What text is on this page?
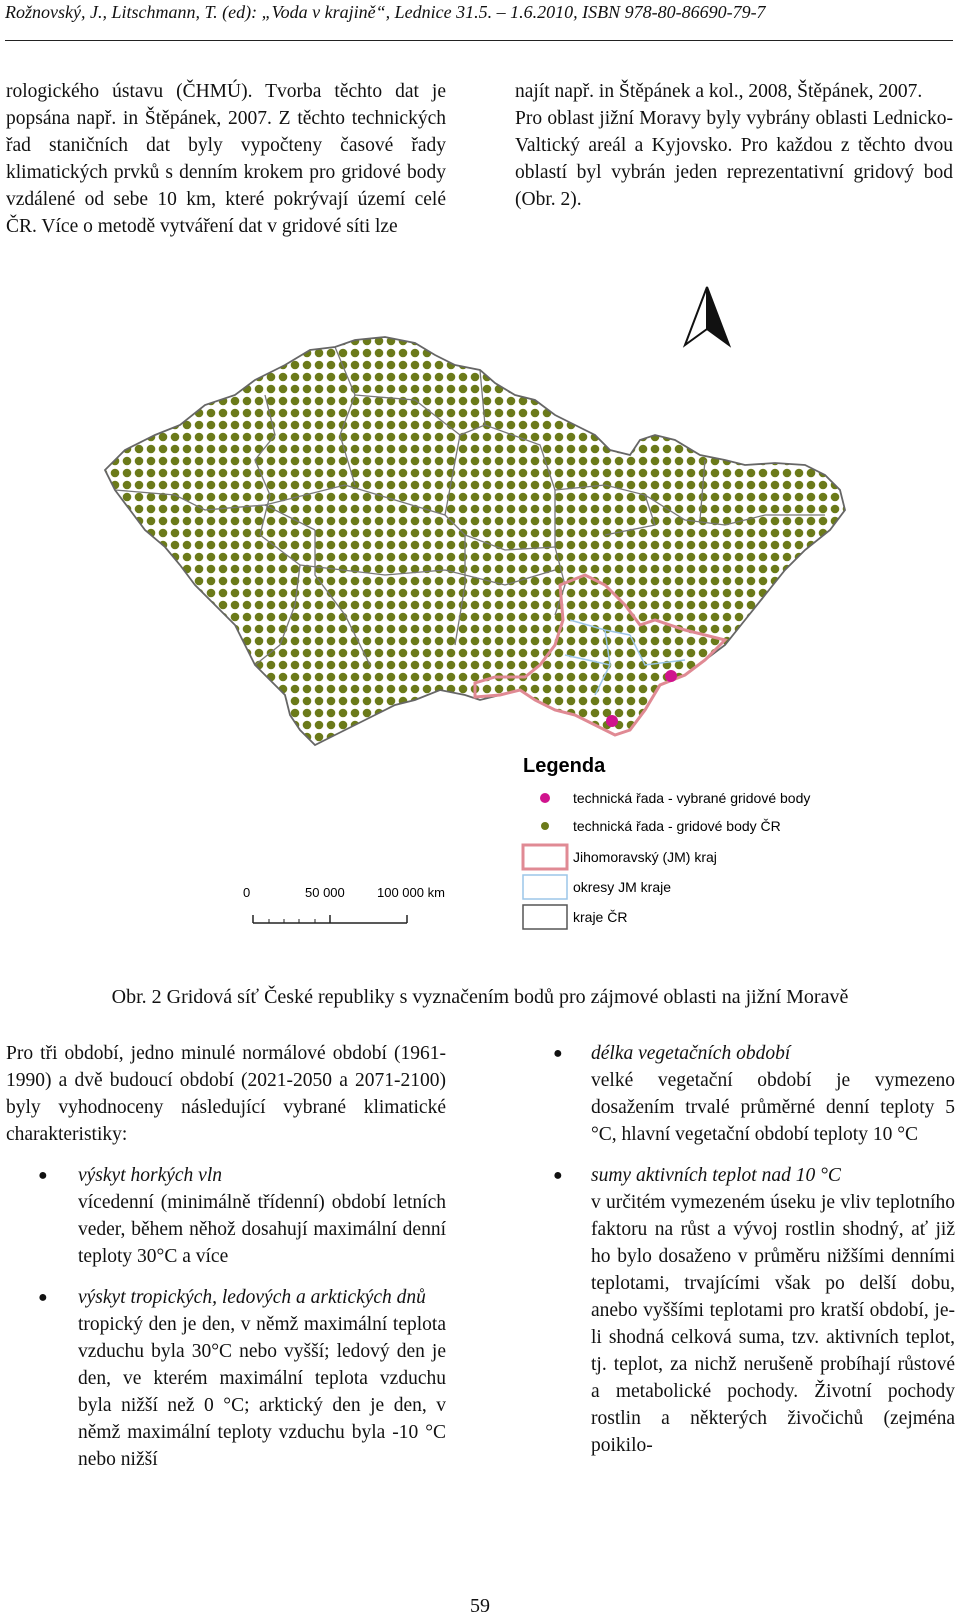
Rožnovský, J., Litschmann, T. (ed): „Voda v krajině“, Lednice 31.5. – 1.6.2010, ISBN 978-80-86690-79-7

rologického ústavu (ČHMÚ). Tvorba těchto dat je popsána např. in Štěpánek, 2007. Z těchto technických řad staničních dat byly vypočteny časové řady klimatických prvků s denním krokem pro gridové body vzdálené od sebe 10 km, které pokrývají území celé ČR. Více o metodě vytváření dat v gridové síti lze

najít např. in Štěpánek a kol., 2008, Štěpánek, 2007.

Pro oblast jižní Moravy byly vybrány oblasti Lednicko-Valtický areál a Kyjovsko. Pro každou z těchto dvou oblastí byl vybrán jeden reprezentativní gridový bod (Obr. 2).

Legenda
technická řada - vybrané gridové body
technická řada - gridové body ČR
Jihomoravský (JM) kraj
okresy JM kraje
kraje ČR
0	50 000 100 000 km
Obr. 2 Gridová síť České republiky s vyznačením bodů pro zájmové oblasti na jižní Moravě

Pro tři období, jedno minulé normálové období (1961-1990) a dvě budoucí období (2021-2050 a 2071-2100) byly vyhodnoceny následující vybrané klimatické charakteristiky:

● výskyt horkých vln
vícedenní (minimálně třídenní) období letních veder, během něhož dosahují maximální denní teploty 30°C a více
● výskyt tropických, ledových a arktických dnů
tropický den je den, v němž maximální teplota vzduchu byla 30°C nebo vyšší; ledový den je den, ve kterém maximální teplota vzduchu byla nižší než 0 °C; arktický den je den, v němž maximální teploty vzduchu byla -10 °C nebo nižší
● délka vegetačních období
velké vegetační období je vymezeno dosažením trvalé průměrné denní teploty 5 °C, hlavní vegetační období teploty 10 °C
● sumy aktivních teplot nad 10 °C
v určitém vymezeném úseku je vliv teplotního faktoru na růst a vývoj rostlin shodný, ať již ho bylo dosaženo v průměru nižšími denními teplotami, trvajícími však po delší dobu, anebo vyššími teplotami pro kratší období, je-li shodná celková suma, tzv. aktivních teplot, tj. teplot, za nichž nerušeně probíhají růstové a metabolické pochody. Životní pochody rostlin a některých živočichů (zejména poikilo-
59
